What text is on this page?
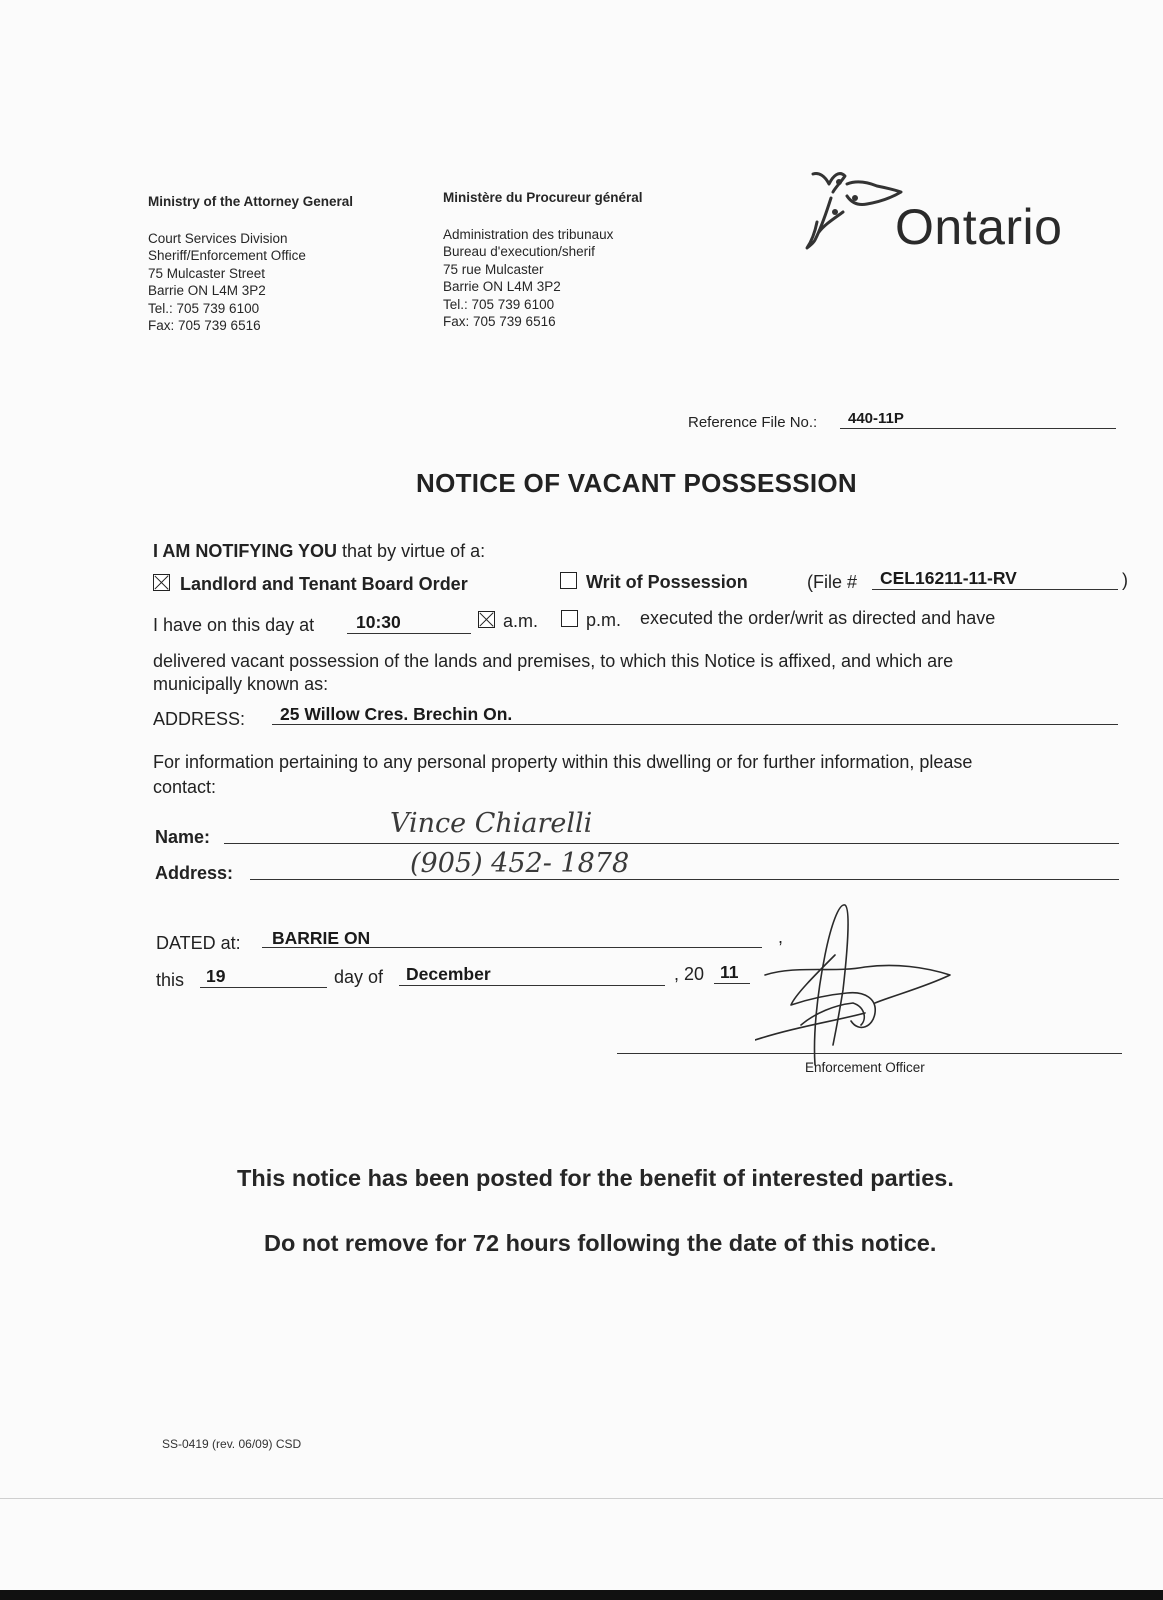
Ministry of the Attorney General
Court Services Division
Sheriff/Enforcement Office
75 Mulcaster Street
Barrie ON L4M 3P2
Tel.: 705 739 6100
Fax: 705 739 6516
Ministère du Procureur général
Administration des tribunaux
Bureau d'execution/sherif
75 rue Mulcaster
Barrie ON L4M 3P2
Tel.: 705 739 6100
Fax: 705 739 6516
Ontario
Reference File No.: 440-11P
NOTICE OF VACANT POSSESSION
I AM NOTIFYING YOU that by virtue of a:
Landlord and Tenant Board Order	Writ of Possession	(File # CEL16211-11-RV	)
I have on this day at 10:30	a.m.	p.m. executed the order/writ as directed and have
delivered vacant possession of the lands and premises, to which this Notice is affixed, and which are
municipally known as:
ADDRESS: 25 Willow Cres. Brechin On.
For information pertaining to any personal property within this dwelling or for further information, please
contact:
Name:	Vince Chiarelli
Address:	(905) 452- 1878
DATED at: BARRIE ON	,
this 19	day of December	, 20 11
Enforcement Officer
This notice has been posted for the benefit of interested parties.
Do not remove for 72 hours following the date of this notice.
SS-0419 (rev. 06/09) CSD
